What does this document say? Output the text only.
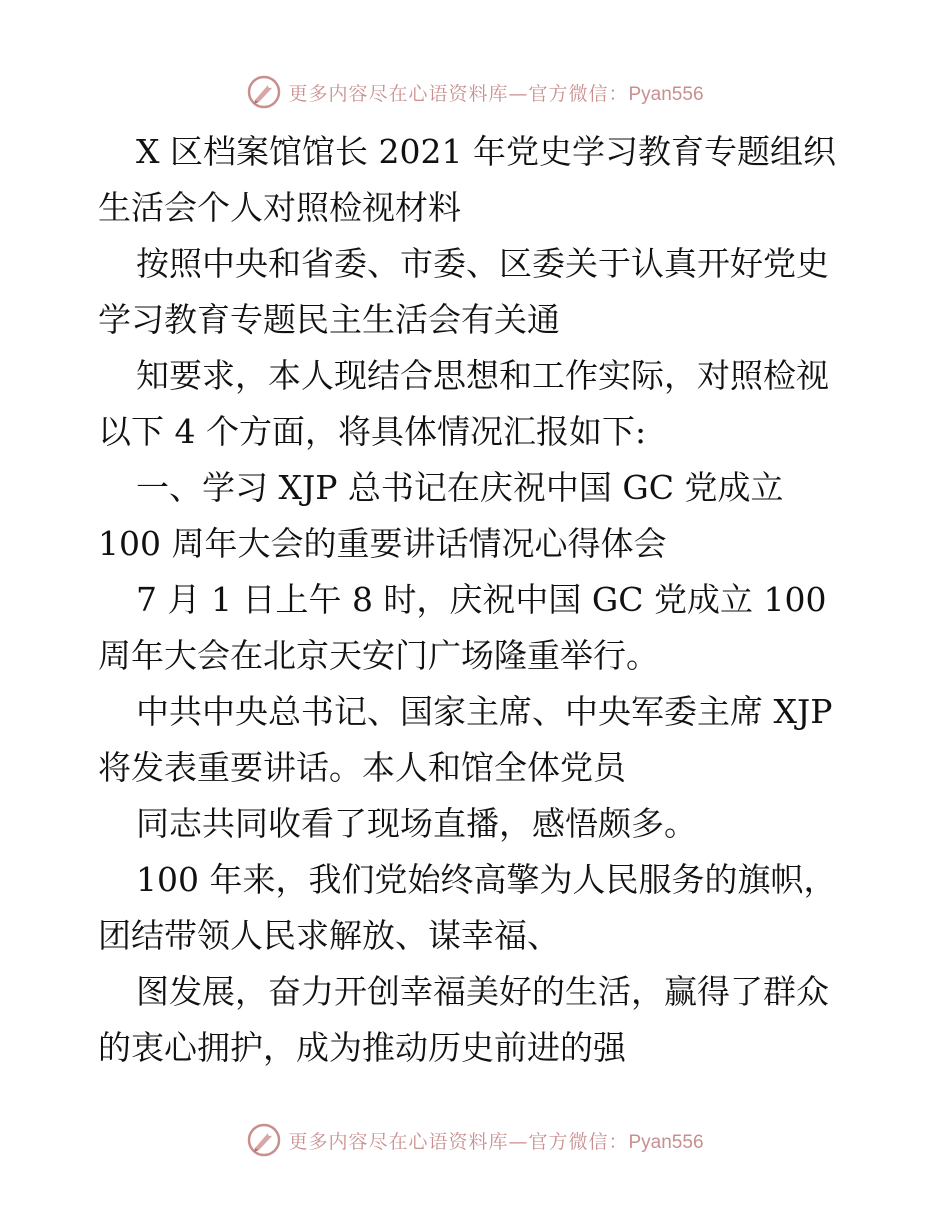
更多内容尽在心语资料库—官方微信：Pyan556

X 区档案馆馆长 2021 年党史学习教育专题组织
生活会个人对照检视材料

按照中央和省委、市委、区委关于认真开好党史
学习教育专题民主生活会有关通

知要求，本人现结合思想和工作实际，对照检视
以下 4 个方面，将具体情况汇报如下:

一、学习 XJP 总书记在庆祝中国 GC 党成立
100 周年大会的重要讲话情况心得体会

7 月 1 日上午 8 时，庆祝中国 GC 党成立 100
周年大会在北京天安门广场隆重举行。

中共中央总书记、国家主席、中央军委主席 XJP
将发表重要讲话。本人和馆全体党员

同志共同收看了现场直播，感悟颇多。

100 年来，我们党始终高擎为人民服务的旗帜，
团结带领人民求解放、谋幸福、

图发展，奋力开创幸福美好的生活，赢得了群众
的衷心拥护，成为推动历史前进的强

更多内容尽在心语资料库—官方微信：Pyan556
